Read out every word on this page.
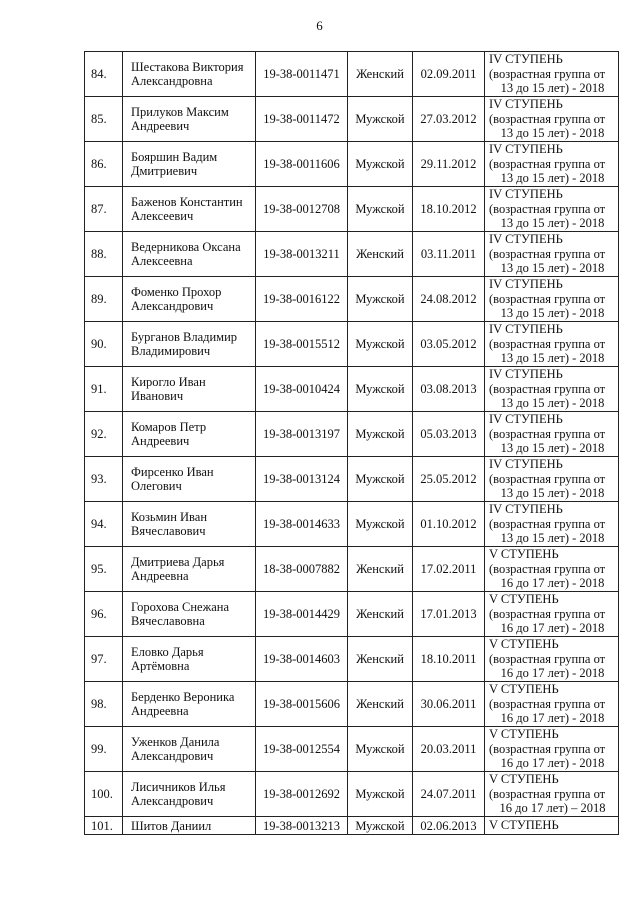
6
84.	Шестакова Виктория
Александровна	19-38-0011471	Женский	02.09.2011	IV СТУПЕНЬ
(возрастная группа от
13 до 15 лет) - 2018

85.	Прилуков Максим
Андреевич	19-38-0011472	Мужской	27.03.2012	IV СТУПЕНЬ
(возрастная группа от
13 до 15 лет) - 2018

86.	Бояршин Вадим
Дмитриевич	19-38-0011606	Мужской	29.11.2012	IV СТУПЕНЬ
(возрастная группа от
13 до 15 лет) - 2018

87.	Баженов Константин
Алексеевич	19-38-0012708	Мужской	18.10.2012	IV СТУПЕНЬ
(возрастная группа от
13 до 15 лет) - 2018

88.	Ведерникова Оксана
Алексеевна	19-38-0013211	Женский	03.11.2011	IV СТУПЕНЬ
(возрастная группа от
13 до 15 лет) - 2018

89.	Фоменко Прохор
Александрович	19-38-0016122	Мужской	24.08.2012	IV СТУПЕНЬ
(возрастная группа от
13 до 15 лет) - 2018

90.	Бурганов Владимир
Владимирович	19-38-0015512	Мужской	03.05.2012	IV СТУПЕНЬ
(возрастная группа от
13 до 15 лет) - 2018

91.	Кирогло Иван
Иванович	19-38-0010424	Мужской	03.08.2013	IV СТУПЕНЬ
(возрастная группа от
13 до 15 лет) - 2018

92.	Комаров Петр
Андреевич	19-38-0013197	Мужской	05.03.2013	IV СТУПЕНЬ
(возрастная группа от
13 до 15 лет) - 2018

93.	Фирсенко Иван
Олегович	19-38-0013124	Мужской	25.05.2012	IV СТУПЕНЬ
(возрастная группа от
13 до 15 лет) - 2018

94.	Козьмин Иван
Вячеславович	19-38-0014633	Мужской	01.10.2012	IV СТУПЕНЬ
(возрастная группа от
13 до 15 лет) - 2018

95.	Дмитриева Дарья
Андреевна	18-38-0007882	Женский	17.02.2011	V СТУПЕНЬ
(возрастная группа от
16 до 17 лет) - 2018

96.	Горохова Снежана
Вячеславовна	19-38-0014429	Женский	17.01.2013	V СТУПЕНЬ
(возрастная группа от
16 до 17 лет) - 2018

97.	Еловко Дарья
Артёмовна	19-38-0014603	Женский	18.10.2011	V СТУПЕНЬ
(возрастная группа от
16 до 17 лет) - 2018

98.	Берденко Вероника
Андреевна	19-38-0015606	Женский	30.06.2011	V СТУПЕНЬ
(возрастная группа от
16 до 17 лет) - 2018

99.	Уженков Данила
Александрович	19-38-0012554	Мужской	20.03.2011	V СТУПЕНЬ
(возрастная группа от
16 до 17 лет) - 2018

100.	Лисичников Илья
Александрович	19-38-0012692	Мужской	24.07.2011	V СТУПЕНЬ
(возрастная группа от
16 до 17 лет) – 2018

101.	Шитов Даниил	19-38-0013213	Мужской	02.06.2013	V СТУПЕНЬ
